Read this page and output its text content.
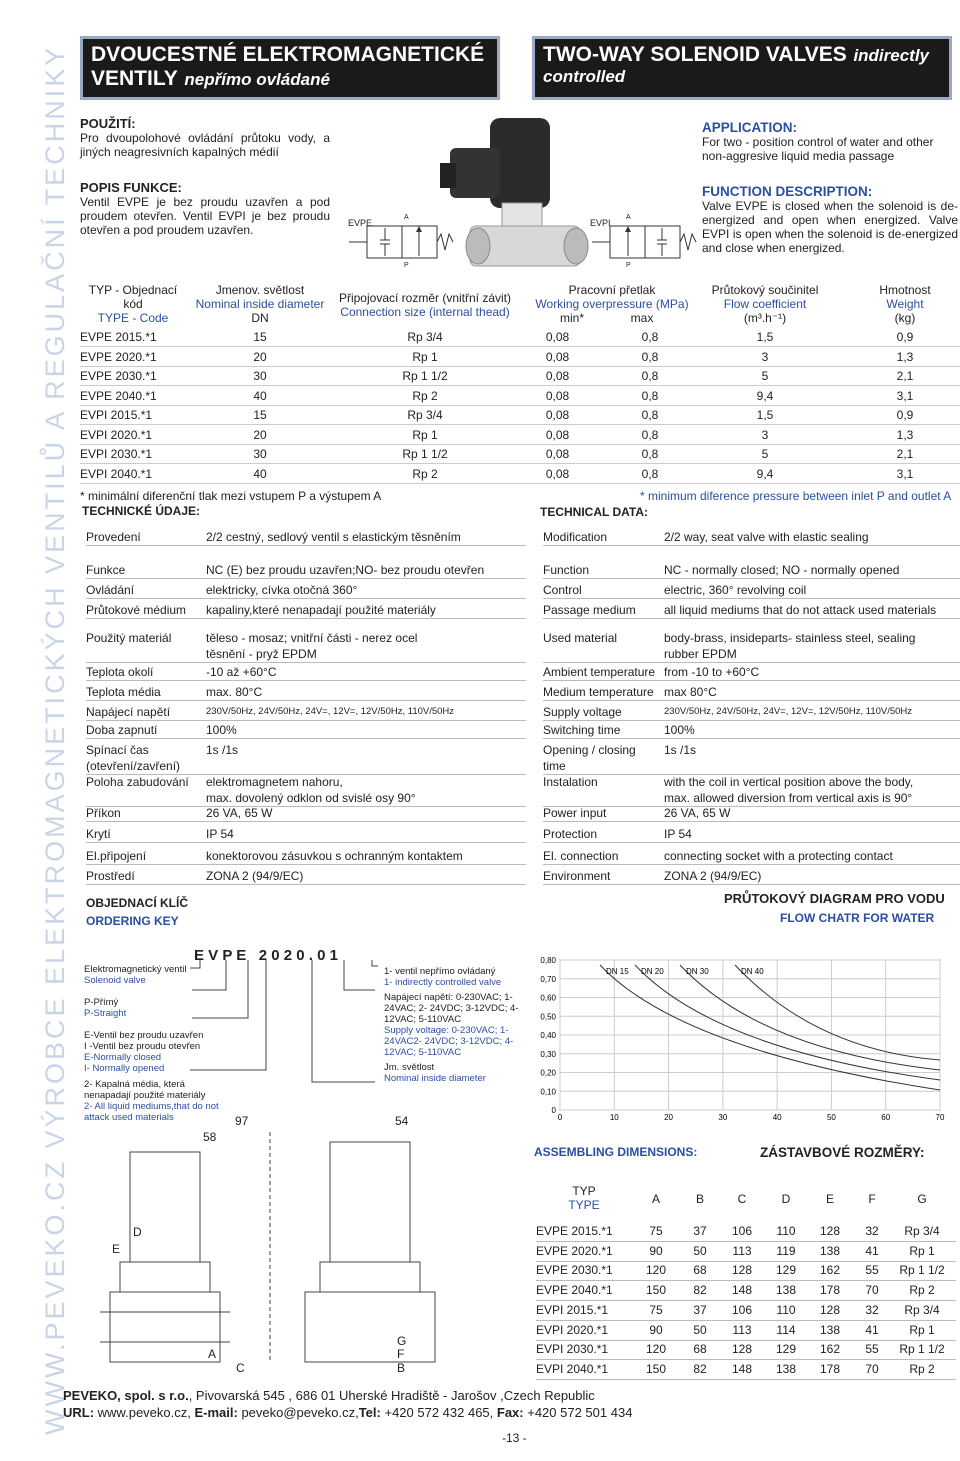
WWW.PEVEKO.CZ VÝROBCE ELEKTROMAGNETICKÝCH VENTILŮ A REGULAČNÍ TECHNIKY DVOUCESTNÉ ELEKTROMAGNETICKÉ
VENTILY nepřímo ovládané
TWO-WAY SOLENOID VALVES indirectly
controlled
POUŽITÍ:
Pro dvoupolohové ovládání průtoku vody, a jiných neagresivních kapalných médií
POPIS FUNKCE:
Ventil EVPE je bez proudu uzavřen a pod proudem otevřen. Ventil EVPI je bez proudu otevřen a pod proudem uzavřen.
APPLICATION:
For two - position control of water and other non-aggresive liquid media passage
FUNCTION DESCRIPTION:
Valve EVPE is closed when the solenoid is de-energized and open when energized. Valve EVPI is open when the solenoid is de-energized and close when energized.
EVPE
A
P
EVPI
A
P
TYP - Objednací
kód
TYPE - Code
Jmenov. světlost
Nominal inside diameter
DN
Připojovací rozměr (vnitřní závit)
Connection size (internal thead)
Pracovní přetlak
Working overpressure (MPa)
min*	max
Průtokový součinitel
Flow coefficient
(m³.h⁻¹)
Hmotnost
Weight
(kg)
EVPE 2015.*1	15	Rp 3/4	0,08	0,8	1,5	0,9
EVPE 2020.*1	20	Rp 1	0,08	0,8	3	1,3
EVPE 2030.*1	30	Rp 1 1/2	0,08	0,8	5	2,1
EVPE 2040.*1	40	Rp 2	0,08	0,8	9,4	3,1
EVPI 2015.*1	15	Rp 3/4	0,08	0,8	1,5	0,9
EVPI 2020.*1	20	Rp 1	0,08	0,8	3	1,3
EVPI 2030.*1	30	Rp 1 1/2	0,08	0,8	5	2,1
EVPI 2040.*1	40	Rp 2	0,08	0,8	9,4	3,1
* minimální diferenční tlak mezi vstupem P a výstupem A	* minimum diference pressure between inlet P and outlet A
TECHNICKÉ ÚDAJE:	TECHNICAL DATA:
Provedení	2/2 cestný, sedlový ventil s elastickým těsněním
Funkce	NC (E) bez proudu uzavřen;NO- bez proudu otevřen
Ovládání	elektricky, cívka otočná 360°
Průtokové médium kapaliny,které nenapadají použité materiály
Použitý materiál	těleso - mosaz; vnitřní části - nerez ocel
těsnění - pryž EPDM
Teplota okolí	-10 až +60°C
Teplota média	max. 80°C
Napájecí napětí	230V/50Hz, 24V/50Hz, 24V=, 12V=, 12V/50Hz, 110V/50Hz
Doba zapnutí	100%
Spínací čas
(otevření/zavření)
1s /1s
Poloha zabudování elektromagnetem nahoru,
max. dovolený odklon od svislé osy 90°
Příkon	26 VA, 65 W
Krytí	IP 54
El.připojení	konektorovou zásuvkou s ochranným kontaktem
Prostředí	ZONA 2 (94/9/EC)
Modification	2/2 way, seat valve with elastic sealing
Function	NC - normally closed; NO - normally opened
Control	electric, 360° revolving coil
Passage medium all liquid mediums that do not attack used materials
Used material	body-brass, insideparts- stainless steel, sealing
rubber EPDM
Ambient temperature from -10 to +60°C
Medium temperature max 80°C
Supply voltage	230V/50Hz, 24V/50Hz, 24V=, 12V=, 12V/50Hz, 110V/50Hz
Switching time	100%
Opening / closing
time
1s /1s
Instalation	with the coil in vertical position above the body,
max. allowed diversion from vertical axis is 90°
Power input	26 VA, 65 W
Protection	IP 54
El. connection	connecting socket with a protecting contact
Environment	ZONA 2 (94/9/EC)
OBJEDNACÍ KLÍČ
ORDERING KEY
E V P E   2 0 2 0 . 0 1
Elektromagnetický ventil
Solenoid valve
P-Přímý
P-Straight
E-Ventil bez proudu uzavřen
I -Ventil bez proudu otevřen
E-Normally closed
I- Normally opened
2- Kapalná média, která nenapadají použité materiály
2- All liquid mediums,that do not attack used materials
1- ventil nepřímo ovládaný
1- indirectly controlled valve
Napájecí napětí: 0-230VAC; 1-24VAC; 2- 24VDC; 3-12VDC; 4-12VAC; 5-110VAC
Supply voltage: 0-230VAC; 1-24VAC2- 24VDC; 3-12VDC; 4-12VAC; 5-110VAC
Jm. světlost
Nominal inside diameter
PRŮTOKOVÝ DIAGRAM PRO VODU
FLOW CHATR FOR WATER
0,80
0,70
0,60
0,50
0,40
0,30
0,20
0,10
0
0	10	20	30	40	50	60	70
DN 15 DN 20	DN 30	DN 40
97
58
54
D
E
A
C
G
F
B
ASSEMBLING DIMENSIONS:	ZÁSTAVBOVÉ ROZMĚRY:
TYP
TYPE	A	B	C	D	E	F	G
EVPE 2015.*1	75	37	106	110	128	32	Rp 3/4
EVPE 2020.*1	90	50	113	119	138	41	Rp 1
EVPE 2030.*1	120	68	128	129	162	55	Rp 1 1/2
EVPE 2040.*1	150	82	148	138	178	70	Rp 2
EVPI 2015.*1	75	37	106	110	128	32	Rp 3/4
EVPI 2020.*1	90	50	113	114	138	41	Rp 1
EVPI 2030.*1	120	68	128	129	162	55	Rp 1 1/2
EVPI 2040.*1	150	82	148	138	178	70	Rp 2
PEVEKO, spol. s r.o., Pivovarská 545 , 686 01 Uherské Hradiště - Jarošov ,Czech Republic
URL: www.peveko.cz, E-mail: peveko@peveko.cz,Tel: +420 572 432 465, Fax: +420 572 501 434
-13 -
